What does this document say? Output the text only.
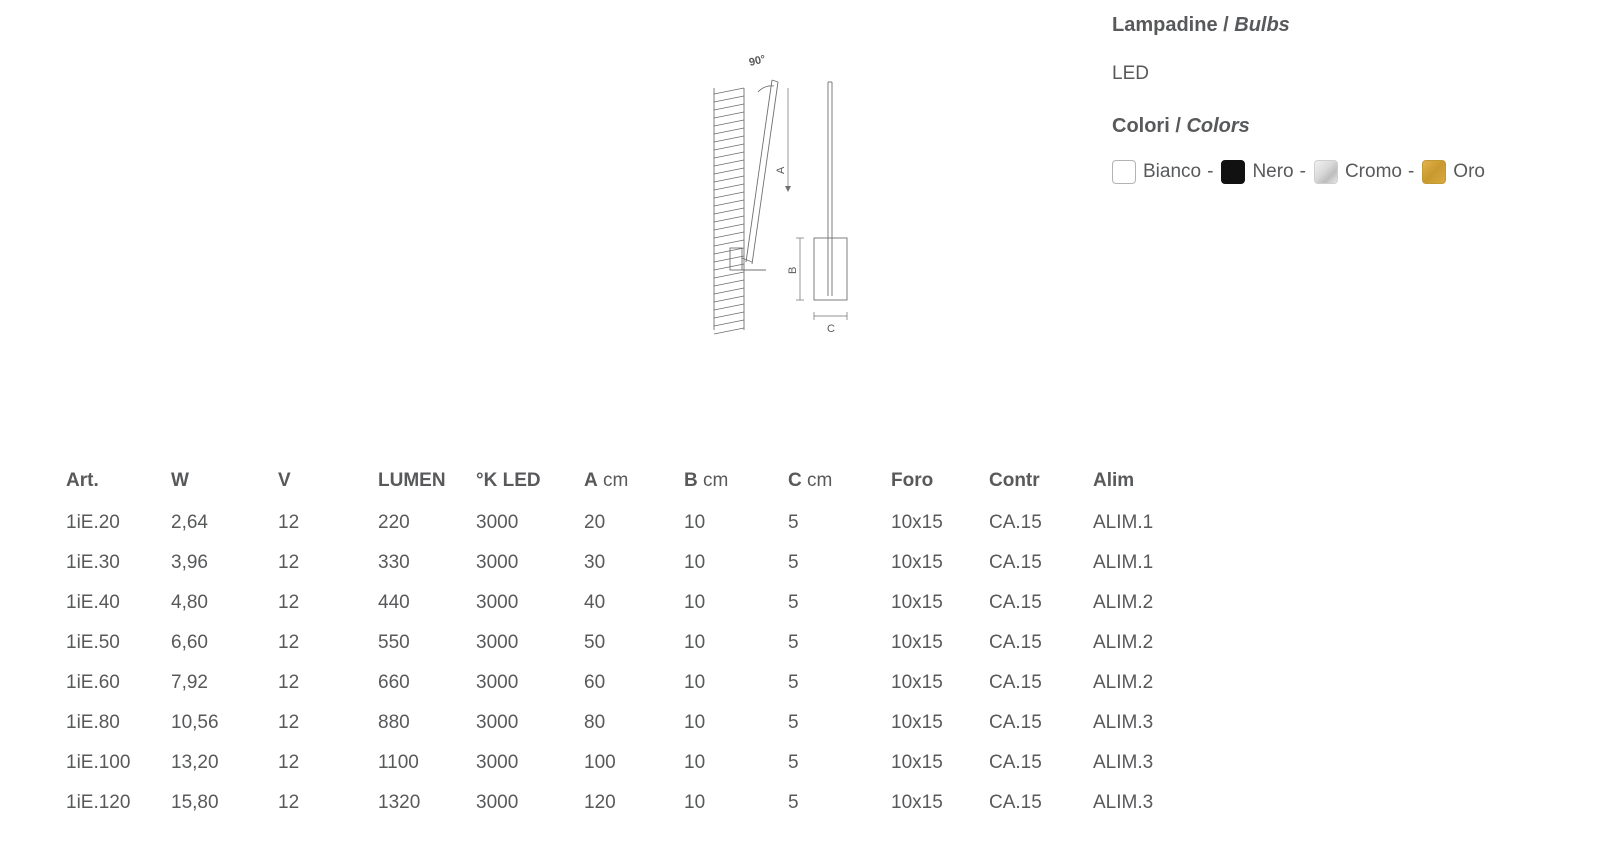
90°
A
B
C

Lampadine / Bulbs

LED

Colori / Colors

Bianco - Nero - Cromo - Oro
Art.	W	V	LUMEN	°K LED	A cm	B cm	C cm	Foro	Contr	Alim
1iE.20	2,64	12	220	3000	20	10	5	10x15	CA.15	ALIM.1
1iE.30	3,96	12	330	3000	30	10	5	10x15	CA.15	ALIM.1
1iE.40	4,80	12	440	3000	40	10	5	10x15	CA.15	ALIM.2
1iE.50	6,60	12	550	3000	50	10	5	10x15	CA.15	ALIM.2
1iE.60	7,92	12	660	3000	60	10	5	10x15	CA.15	ALIM.2
1iE.80	10,56	12	880	3000	80	10	5	10x15	CA.15	ALIM.3
1iE.100	13,20	12	1100	3000	100	10	5	10x15	CA.15	ALIM.3
1iE.120	15,80	12	1320	3000	120	10	5	10x15	CA.15	ALIM.3
